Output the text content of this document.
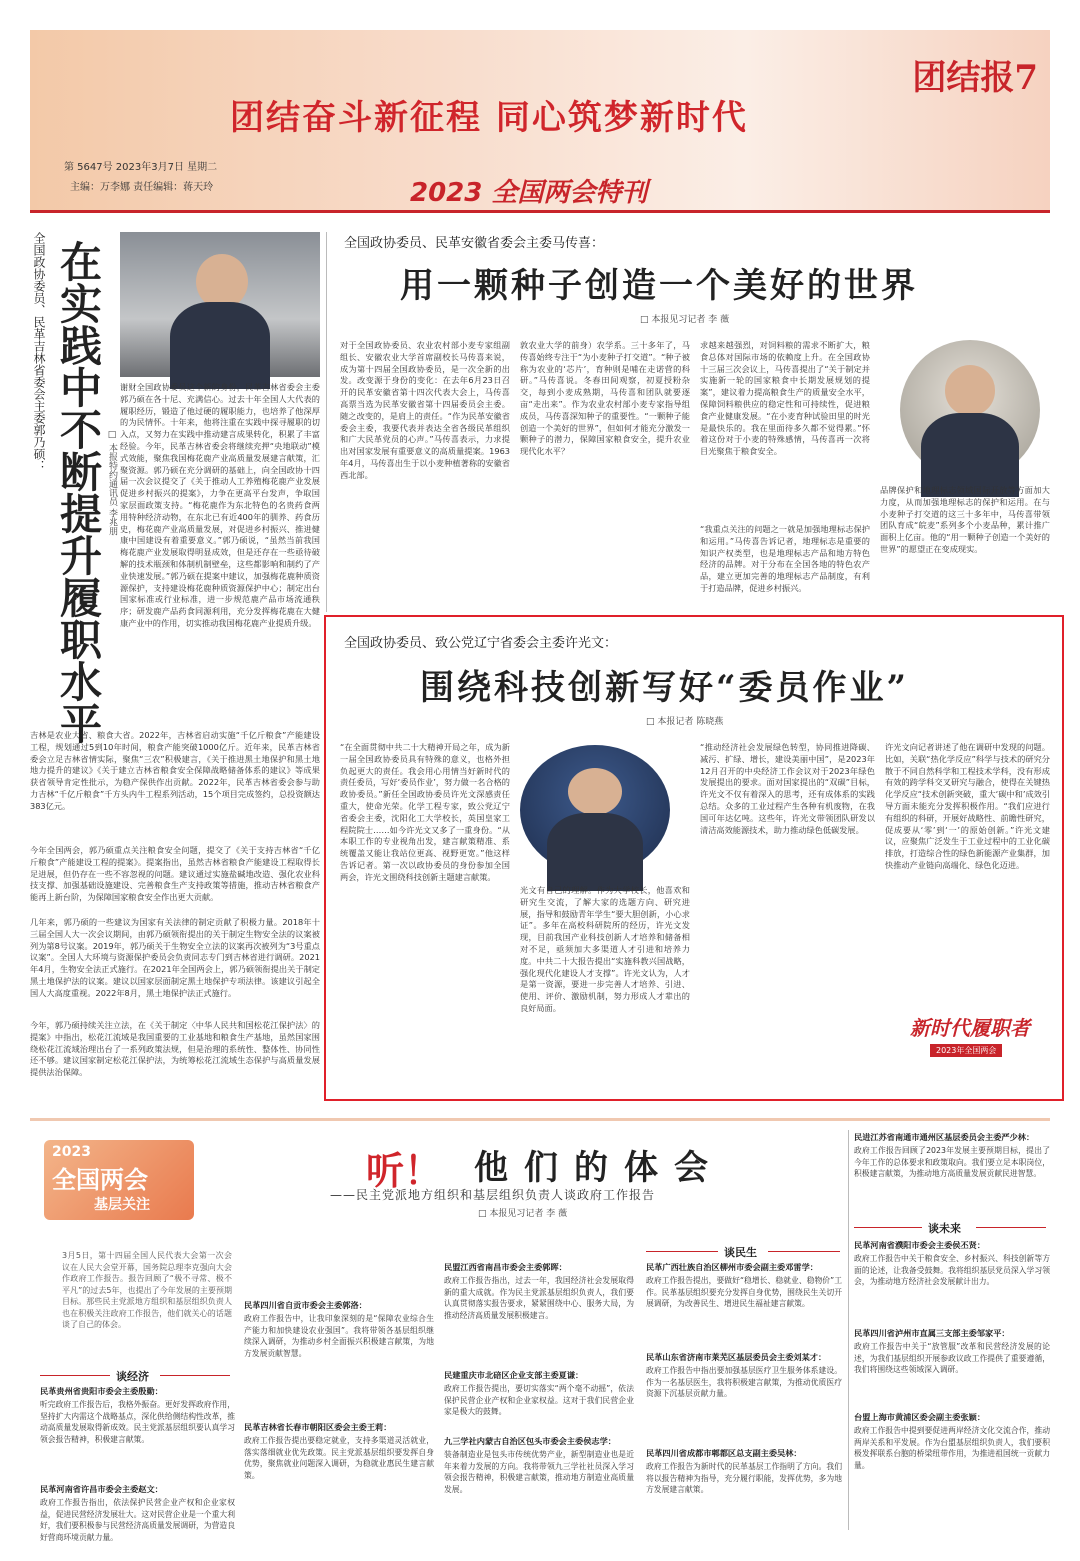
团结奋斗新征程 同心筑梦新时代
团结报7
第 5647号 2023年3月7日 星期二
主编：万李娜 责任编辑：蒋天玲	2023 全国两会特刊
全国政协委员、民革吉林省委会主委郭乃硕： 在实践中不断提升履职水平 □ 本报特约通讯员 李兆朋
谢财全国政协委员这个新的身份，民革吉林省委会主委郭乃硕在各十尼、充满信心。过去十年全国人大代表的履职经历，锻造了他过硬的履职能力，也培养了他深厚的为民情怀。十年来，他将注重在实践中探寻履职的切入点，又努力在实践中推动建言成果转化，积累了丰富经验。今年，民革吉林省委会将继续充押“央地联动”模式效能，聚焦我国梅花鹿产业高质量发展建言献策，汇聚资源。郭乃硕在充分调研的基础上，向全国政协十四届一次会议提交了《关于推动人工养殖梅花鹿产业发展 促进乡村振兴的提案》，力争在更高平台发声，争取国家层面政策支持。“梅花鹿作为东北特色的名贵药食两用特种经济动物，在东北已有近400年的驯养、药食历史，梅花鹿产业高质量发展，对促进乡村振兴、推进健康中国建设有着重要意义。”郭乃硕说，“虽然当前我国梅花鹿产业发展取得明显成效，但是还存在一些亟待破解的技术瓶颈和体制机制壁垒，这些都影响和制约了产业快速发展。”郭乃硕在提案中建议，加强梅花鹿种质资源保护，支持建设梅花鹿种质资源保护中心；制定出台国家标准或行业标准，进一步规范鹿产品市场流通秩序；研发鹿产品药食同源利用，充分发挥梅花鹿在大健康产业中的作用，切实推动我国梅花鹿产业提质升级。
吉林是农业大省、粮食大省。2022年，吉林省启动实施“千亿斤粮食”产能建设工程，规划通过5到10年时间，粮食产能突破1000亿斤。近年来，民革吉林省委会立足吉林省情实际，聚焦“三农”积极建言，《关于推进黑土地保护和黑土地地力提升的建议》《关于建立吉林省粮食安全保障战略储备体系的建议》等成果获省领导肯定性批示，为稳产保供作出贡献。2022年，民革吉林省委会参与助力吉林“千亿斤粮食”千方头内牛工程系列活动，15个项目完成签约，总投资额达383亿元。
今年全国两会，郭乃硕重点关注粮食安全问题，提交了《关于支持吉林省“千亿斤粮食”产能建设工程的提案》。提案指出，虽然吉林省粮食产能建设工程取得长足进展，但仍存在一些不容忽视的问题。建议通过实施盐碱地改造、强化农业科技支撑、加强基础设施建设、完善粮食生产支持政策等措施，推动吉林省粮食产能再上新台阶，为保障国家粮食安全作出更大贡献。
几年来，郭乃硕的一些建议为国家有关法律的制定贡献了积极力量。2018年十三届全国人大一次会议期间，由郭乃硕领衔提出的关于制定生物安全法的议案被列为第8号议案。2019年，郭乃硕关于生物安全立法的议案再次被列为“3号重点议案”。全国人大环境与资源保护委员会负责同志专门到吉林省进行调研。2021年4月，生物安全法正式施行。在2021年全国两会上，郭乃硕领衔提出关于制定黑土地保护法的议案。建议以国家层面制定黑土地保护专项法律。该建议引起全国人大高度重视。2022年8月，黑土地保护法正式施行。
今年，郭乃硕持续关注立法，在《关于制定〈中华人民共和国松花江保护法〉的提案》中指出，松花江流域是我国重要的工业基地和粮食生产基地，虽然国家围绕松花江流域治理出台了一系列政策法规，但是治理的系统性、整体性、协同性还不够。建议国家制定松花江保护法，为统筹松花江流域生态保护与高质量发展提供法治保障。
全国政协委员、民革安徽省委会主委马传喜：
用一颗种子创造一个美好的世界
□ 本报见习记者 李 薇
对于全国政协委员、农业农村部小麦专家组副组长、安徽农业大学首席副校长马传喜来说，成为第十四届全国政协委员，是一次全新的出发。改变源于身份的变化：在去年6月23日召开的民革安徽省第十四次代表大会上，马传喜高票当选为民革安徽省第十四届委员会主委。随之改变的，是肩上的责任。“作为民革安徽省委会主委，我要代表并表达全省各级民革组织和广大民革党员的心声。”马传喜表示，力求提出对国家发展有重要意义的高质量提案。1963年4月，马传喜出生于以小麦种植著称的安徽省西北部。
敦农业大学的前身）农学系。三十多年了，马传喜始终专注于“为小麦种子打交道”。“种子被称为农业的‘芯片’，育种则是哺在走诺营的科研。”马传喜说。冬春田间观察，初夏授粉杂交，每到小麦成熟期，马传喜和团队就要逐亩“走出来”。作为农业农村部小麦专家指导组成员，马传喜深知种子的重要性。“一颗种子能创造一个美好的世界”，但如何才能充分激发一颗种子的潜力，保障国家粮食安全，提升农业现代化水平？
求越来越强烈，对饲料粮的需求不断扩大，粮食总体对国际市场的依赖度上升。在全国政协十三届三次会议上，马传喜提出了“关于制定并实施新一轮的国家粮食中长期发展规划的提案”，建议着力提高粮食生产的质量安全水平，保障饲料粮供应的稳定性和可持续性，促进粮食产业健康发展。“在小麦育种试验田里的时光是最快乐的。我在里面待多久都不觉得累。”怀着这份对于小麦的特殊感情，马传喜再一次将目光聚焦于粮食安全。
“我重点关注的问题之一就是加强地理标志保护和运用。”马传喜告诉记者，地理标志是重要的知识产权类型，也是地理标志产品和地方特色经济的品牌。对于分布在全国各地的特色农产品，建立更加完善的地理标志产品制度，有利于打造品牌，促进乡村振兴。
品牌保护和地理标志领域国际开放等方面加大力度，从而加强地理标志的保护和运用。在与小麦种子打交道的这三十多年中，马传喜带领团队育成“皖麦”系列多个小麦品种，累计推广面积上亿亩。他的“用一颗种子创造一个美好的世界”的愿望正在变成现实。
全国政协委员、致公党辽宁省委会主委许光文：
围绕科技创新写好“委员作业”
□ 本报记者 陈晓燕
“在全面贯彻中共二十大精神开局之年，成为新一届全国政协委员具有特殊的意义，也格外担负起更大的责任。我会用心用情当好新时代的责任委员，写好‘委员作业’，努力做一名合格的政协委员。”新任全国政协委员许光文深感责任重大，使命光荣。化学工程专家，致公党辽宁省委会主委，沈阳化工大学校长，英国皇家工程院院士……如今许光文又多了一重身份。“从本职工作的专业视角出发，建言献策精准、系统覆盖又能让我站位更高、视野更宽。”他这样告诉记者。第一次以政协委员的身份参加全国两会，许光文围绕科技创新主题建言献策。
光文有自己的理解。作为大学校长，他喜欢和研究生交流，了解大家的选题方向、研究进展，指导和鼓励青年学生“要大胆创新，小心求证”。多年在高校科研院所的经历，许光文发现，目前我国产业科技创新人才培养和储备相对不足，亟须加大多渠道人才引进和培养力度。中共二十大报告提出“实施科教兴国战略，强化现代化建设人才支撑”。许光文认为，人才是第一资源，要进一步完善人才培养、引进、使用、评价、激励机制，努力形成人才辈出的良好局面。
“推动经济社会发展绿色转型，协同推进降碳、减污、扩绿、增长，建设美丽中国”，是2023年12月召开的中央经济工作会议对于2023年绿色发展提出的要求。面对国家提出的“双碳”目标，许光文不仅有着深入的思考，还有成体系的实践总结。众多的工业过程产生各种有机废物，在我国可年达亿吨。这些年，许光文带领团队研发以清洁高效能源技术，助力推动绿色低碳发展。
许光文向记者讲述了他在调研中发现的问题。比如，关联“热化学反应”科学与技术的研究分散于不同自然科学和工程技术学科，没有形成有效的跨学科交叉研究与融合，使得在关键热化学反应“技术创新突破，重大‘碳中和’成效引导方面未能充分发挥积极作用。“我们应进行有组织的科研，开展好战略性、前瞻性研究，促成要从‘零’到‘一’的原始创新。”许光文建议，应聚焦广泛发生于工业过程中的工业化碳排放，打造综合性的绿色新能源产业集群，加快推动产业链向高端化、绿色化迈进。
新时代履职者
2023年全国两会
2023
全国两会
基层关注
听！ 他们的体会
——民主党派地方组织和基层组织负责人谈政府工作报告
□ 本报见习记者 李 薇
3月5日，第十四届全国人民代表大会第一次会议在人民大会堂开幕，国务院总理李克强向大会作政府工作报告。报告回顾了“极不寻常、极不平凡”的过去5年，也提出了今年发展的主要预期目标。那些民主党派地方组织和基层组织负责人也在积极关注政府工作报告，他们就关心的话题谈了自己的体会。
谈经济
民革贵州省贵阳市委会主委殷勤：
听完政府工作报告后，我格外振奋。更好发挥政府作用，坚持扩大内需这个战略基点，深化供给侧结构性改革，推动高质量发展取得新成效。民主党派基层组织要认真学习领会报告精神，积极建言献策。
民革河南省许昌市委会主委赵文：
政府工作报告指出，依法保护民营企业产权和企业家权益，促进民营经济发展壮大。这对民营企业是一个重大利好，我们要积极参与民营经济高质量发展调研，为营造良好营商环境贡献力量。
民革四川省自贡市委会主委郭洛：
政府工作报告中，让我印象深刻的是“保障农业综合生产能力和加快建设农业强国”。我将带领各基层组织继续深入调研，为推动乡村全面振兴积极建言献策，为地方发展贡献智慧。
民革吉林省长春市朝阳区委会主委王莉：
政府工作报告提出要稳定就业，支持多渠道灵活就业，落实落细就业优先政策。民主党派基层组织要发挥自身优势，聚焦就业问题深入调研，为稳就业惠民生建言献策。
民盟江西省南昌市委会主委郭晖：
政府工作报告指出，过去一年，我国经济社会发展取得新的重大成就。作为民主党派基层组织负责人，我们要认真贯彻落实报告要求，紧紧围绕中心、服务大局，为推动经济高质量发展积极建言。
民建重庆市北碚区企业支部主委夏谦：
政府工作报告提出，要切实落实“两个毫不动摇”，依法保护民营企业产权和企业家权益。这对于我们民营企业家是极大的鼓舞。
九三学社内蒙古自治区包头市委会主委侯志学：
装备制造业是包头市传统优势产业，新型制造业也是近年来着力发展的方向。我将带领九三学社社员深入学习领会报告精神，积极建言献策，推动地方制造业高质量发展。
谈民生
民革广西壮族自治区柳州市委会副主委邓雷学：
政府工作报告提出，要做好“稳增长、稳就业、稳物价”工作。民革基层组织要充分发挥自身优势，围绕民生关切开展调研，为改善民生、增进民生福祉建言献策。
民革山东省济南市莱芜区基层委员会主委刘某才：
政府工作报告中指出要加强基层医疗卫生服务体系建设。作为一名基层医生，我将积极建言献策，为推动优质医疗资源下沉基层贡献力量。
民革四川省成都市郫都区总支副主委吴林：
政府工作报告为新时代的民革基层工作指明了方向。我们将以报告精神为指导，充分履行职能，发挥优势，多为地方发展建言献策。
民进江苏省南通市通州区基层委员会主委严少林：
政府工作报告回顾了2023年发展主要预期目标，提出了今年工作的总体要求和政策取向。我们要立足本职岗位，积极建言献策，为推动地方高质量发展贡献民进智慧。
谈未来
民革河南省濮阳市委会主委侯丕贤：
政府工作报告中关于粮食安全、乡村振兴、科技创新等方面的论述，让我备受鼓舞。我将组织基层党员深入学习领会，为推动地方经济社会发展献计出力。
民革四川省泸州市直属三支部主委邹家平：
政府工作报告中关于“放管服”改革和民营经济发展的论述，为我们基层组织开展参政议政工作提供了重要遵循，我们将围绕这些领域深入调研。
台盟上海市黄浦区委会副主委张颖：
政府工作报告中提到要促进两岸经济文化交流合作，推动两岸关系和平发展。作为台盟基层组织负责人，我们要积极发挥联系台胞的桥梁纽带作用，为推进祖国统一贡献力量。
